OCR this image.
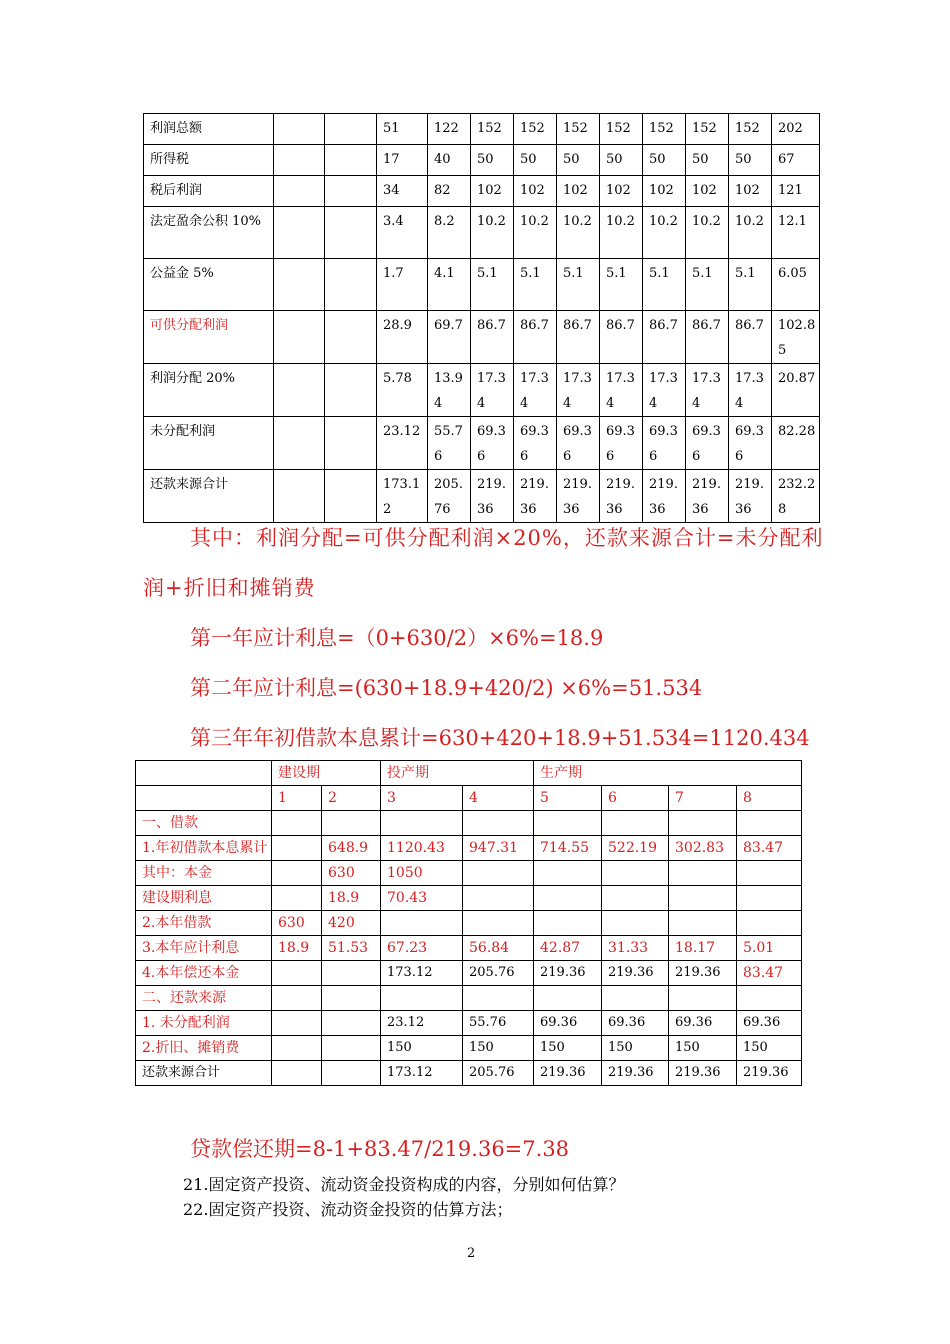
利润总额			51	122	152	152	152	152	152	152	152	202
所得税			17	40	50	50	50	50	50	50	50	67
税后利润			34	82	102	102	102	102	102	102	102	121
法定盈余公积 10%			3.4	8.2	10.2	10.2	10.2	10.2	10.2	10.2	10.2	12.1
公益金 5%			1.7	4.1	5.1	5.1	5.1	5.1	5.1	5.1	5.1	6.05
可供分配利润			28.9	69.7	86.7	86.7	86.7	86.7	86.7	86.7	86.7	102.85
利润分配 20%			5.78	13.94	17.34	17.34	17.34	17.34	17.34	17.34	17.34	20.87
未分配利润			23.12	55.76	69.36	69.36	69.36	69.36	69.36	69.36	69.36	82.28
还款来源合计			173.12	205.76	219.36	219.36	219.36	219.36	219.36	219.36	219.36	232.28
其中：利润分配=可供分配利润×20%，还款来源合计=未分配利
润+折旧和摊销费
第一年应计利息=（0+630/2）×6%=18.9
第二年应计利息=(630+18.9+420/2) ×6%=51.534
第三年年初借款本息累计=630+420+18.9+51.534=1120.434
	建设期		投产期		生产期			
	1	2	3	4	5	6	7	8
一、借款								
1.年初借款本息累计		648.9	1120.43	947.31	714.55	522.19	302.83	83.47
其中：本金		630	1050					
建设期利息		18.9	70.43					
2.本年借款	630	420						
3.本年应计利息	18.9	51.53	67.23	56.84	42.87	31.33	18.17	5.01
4.本年偿还本金			173.12	205.76	219.36	219.36	219.36	83.47
二、还款来源								
1. 未分配利润			23.12	55.76	69.36	69.36	69.36	69.36
2.折旧、摊销费			150	150	150	150	150	150
还款来源合计			173.12	205.76	219.36	219.36	219.36	219.36
贷款偿还期=8-1+83.47/219.36=7.38
21.固定资产投资、流动资金投资构成的内容，分别如何估算？
22.固定资产投资、流动资金投资的估算方法；
2
